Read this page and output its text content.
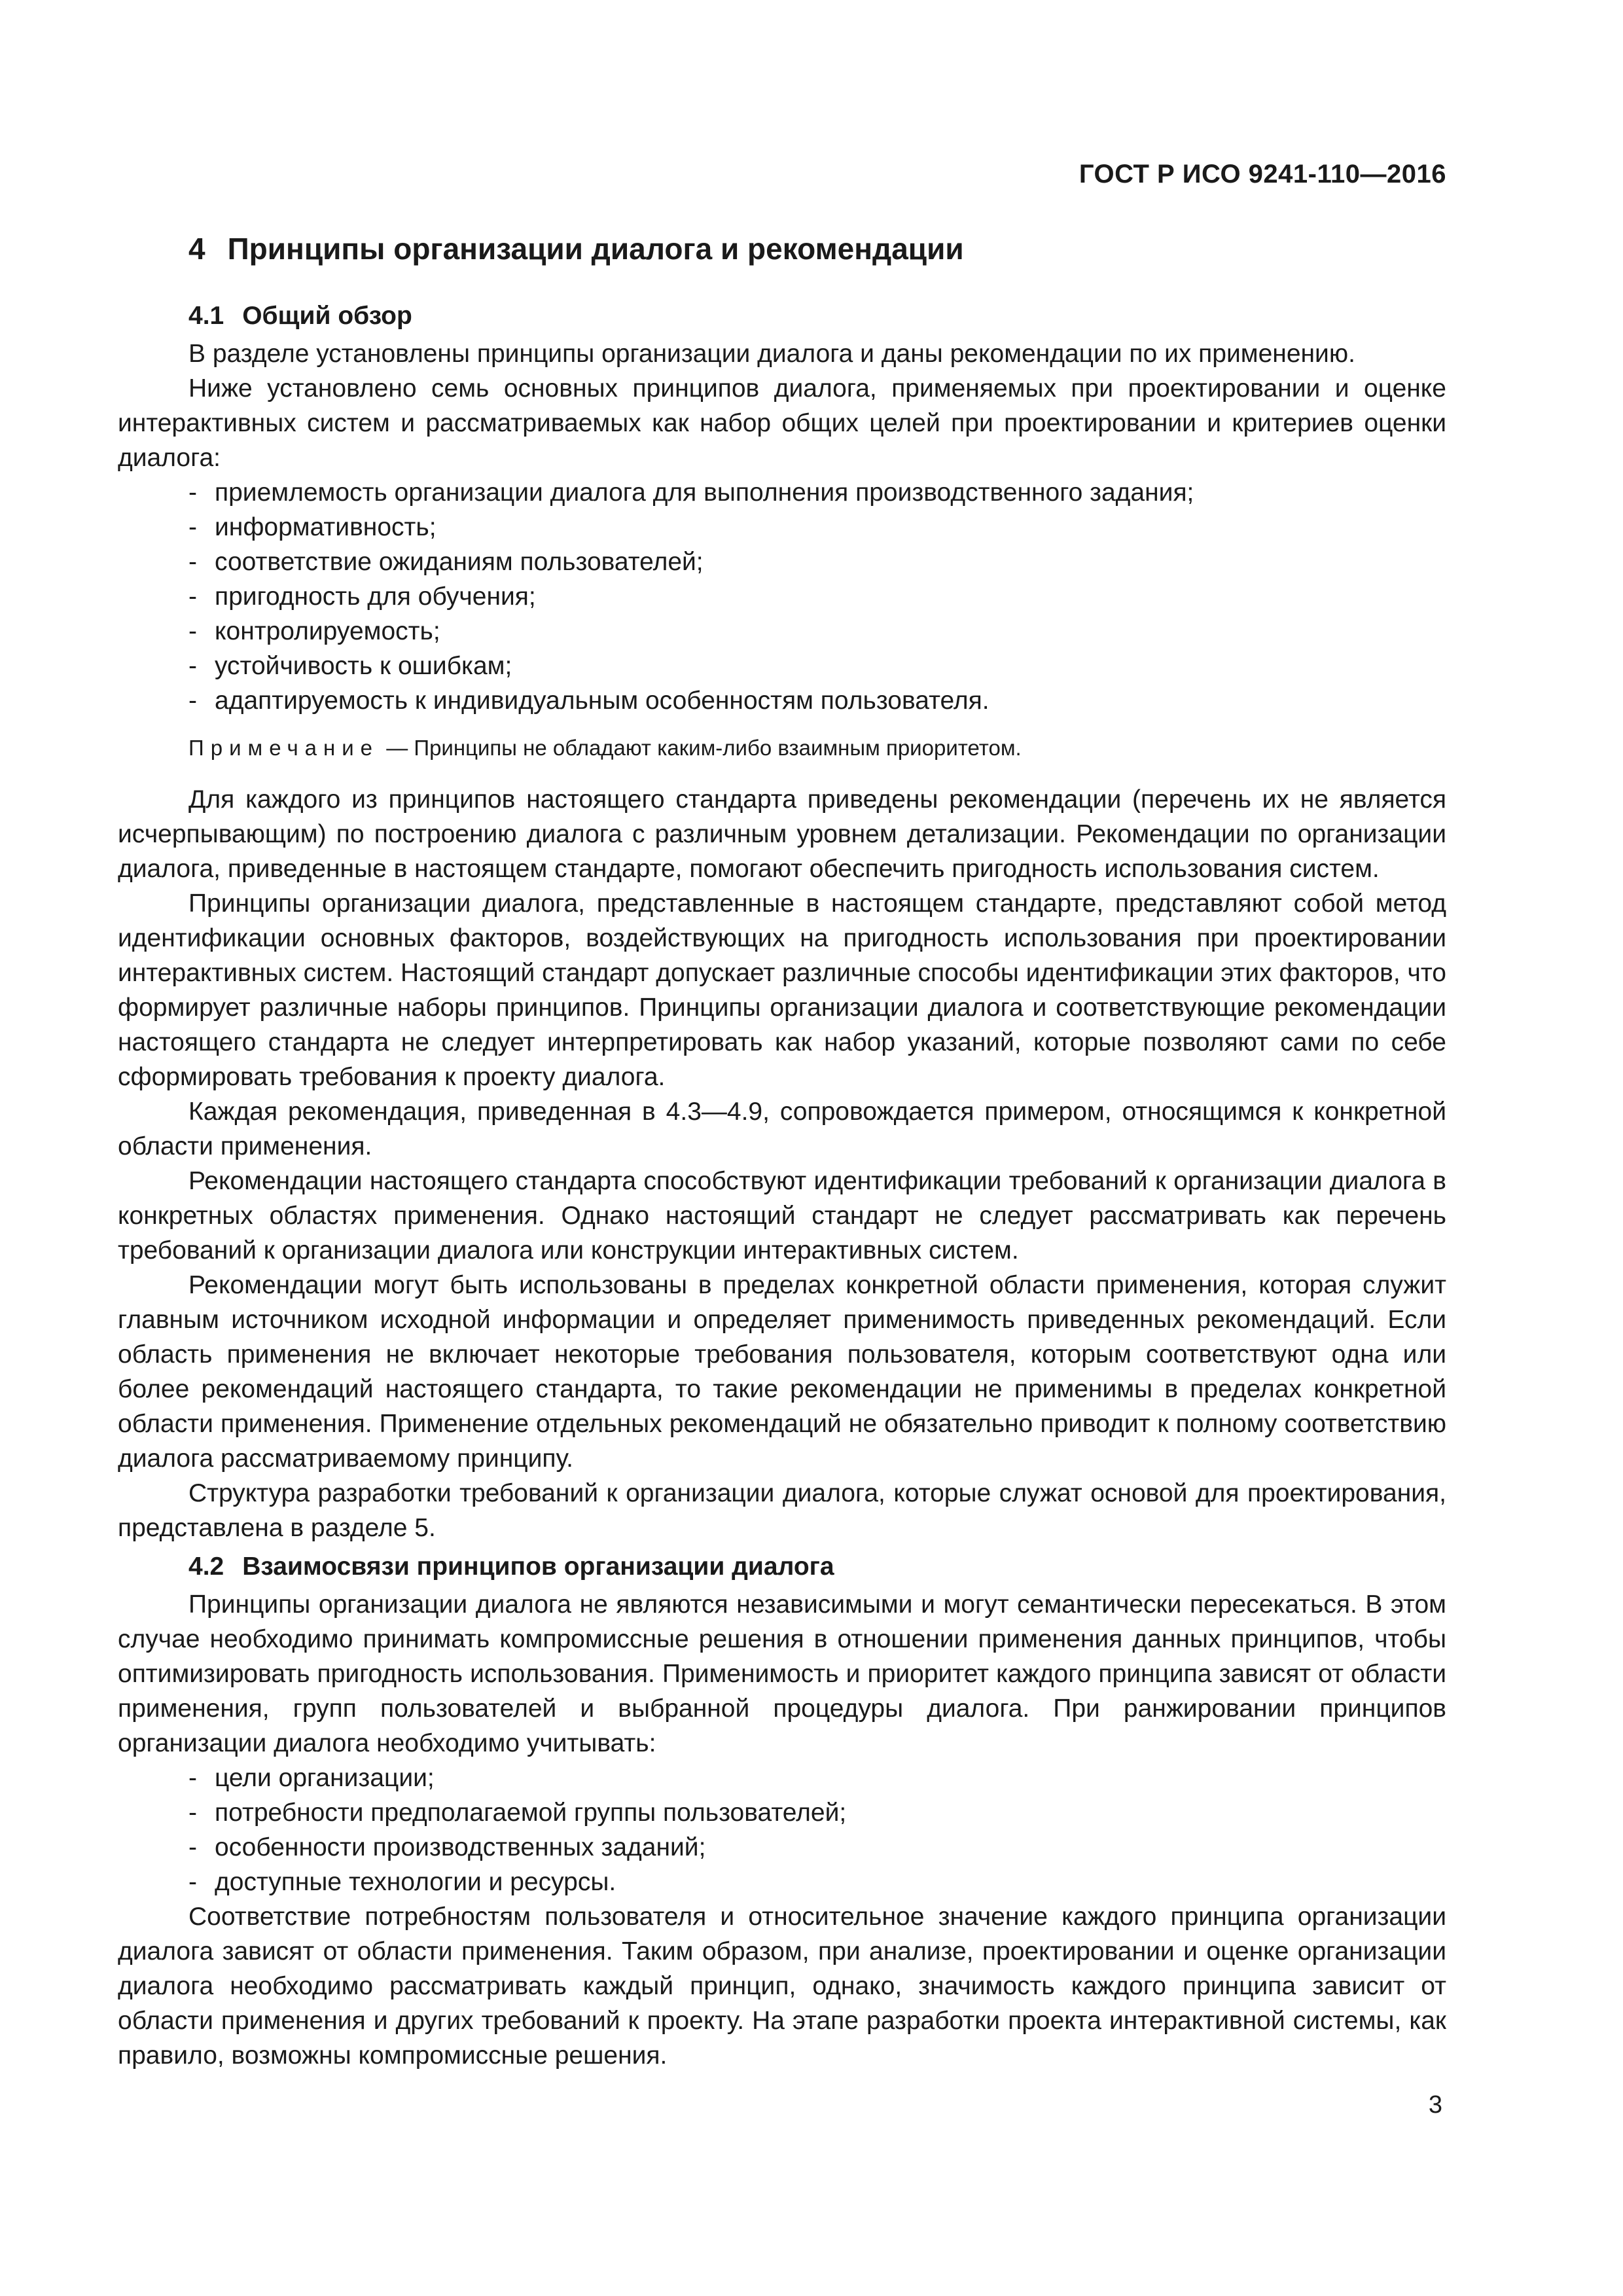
ГОСТ Р ИСО 9241-110—2016
4 Принципы организации диалога и рекомендации
4.1 Общий обзор

В разделе установлены принципы организации диалога и даны рекомендации по их применению.

Ниже установлено семь основных принципов диалога, применяемых при проектировании и оценке интерактивных систем и рассматриваемых как набор общих целей при проектировании и критериев оценки диалога:

- приемлемость организации диалога для выполнения производственного задания;
- информативность;
- соответствие ожиданиям пользователей;
- пригодность для обучения;
- контролируемость;
- устойчивость к ошибкам;
- адаптируемость к индивидуальным особенностям пользователя.
Примечание — Принципы не обладают каким-либо взаимным приоритетом.

Для каждого из принципов настоящего стандарта приведены рекомендации (перечень их не является исчерпывающим) по построению диалога с различным уровнем детализации. Рекомендации по организации диалога, приведенные в настоящем стандарте, помогают обеспечить пригодность использования систем.

Принципы организации диалога, представленные в настоящем стандарте, представляют собой метод идентификации основных факторов, воздействующих на пригодность использования при проектировании интерактивных систем. Настоящий стандарт допускает различные способы идентификации этих факторов, что формирует различные наборы принципов. Принципы организации диалога и соответствующие рекомендации настоящего стандарта не следует интерпретировать как набор указаний, которые позволяют сами по себе сформировать требования к проекту диалога.

Каждая рекомендация, приведенная в 4.3—4.9, сопровождается примером, относящимся к конкретной области применения.

Рекомендации настоящего стандарта способствуют идентификации требований к организации диалога в конкретных областях применения. Однако настоящий стандарт не следует рассматривать как перечень требований к организации диалога или конструкции интерактивных систем.

Рекомендации могут быть использованы в пределах конкретной области применения, которая служит главным источником исходной информации и определяет применимость приведенных рекомендаций. Если область применения не включает некоторые требования пользователя, которым соответствуют одна или более рекомендаций настоящего стандарта, то такие рекомендации не применимы в пределах конкретной области применения. Применение отдельных рекомендаций не обязательно приводит к полному соответствию диалога рассматриваемому принципу.

Структура разработки требований к организации диалога, которые служат основой для проектирования, представлена в разделе 5.

4.2 Взаимосвязи принципов организации диалога

Принципы организации диалога не являются независимыми и могут семантически пересекаться. В этом случае необходимо принимать компромиссные решения в отношении применения данных принципов, чтобы оптимизировать пригодность использования. Применимость и приоритет каждого принципа зависят от области применения, групп пользователей и выбранной процедуры диалога. При ранжировании принципов организации диалога необходимо учитывать:

- цели организации;
- потребности предполагаемой группы пользователей;
- особенности производственных заданий;
- доступные технологии и ресурсы.

Соответствие потребностям пользователя и относительное значение каждого принципа организации диалога зависят от области применения. Таким образом, при анализе, проектировании и оценке организации диалога необходимо рассматривать каждый принцип, однако, значимость каждого принципа зависит от области применения и других требований к проекту. На этапе разработки проекта интерактивной системы, как правило, возможны компромиссные решения.

3
